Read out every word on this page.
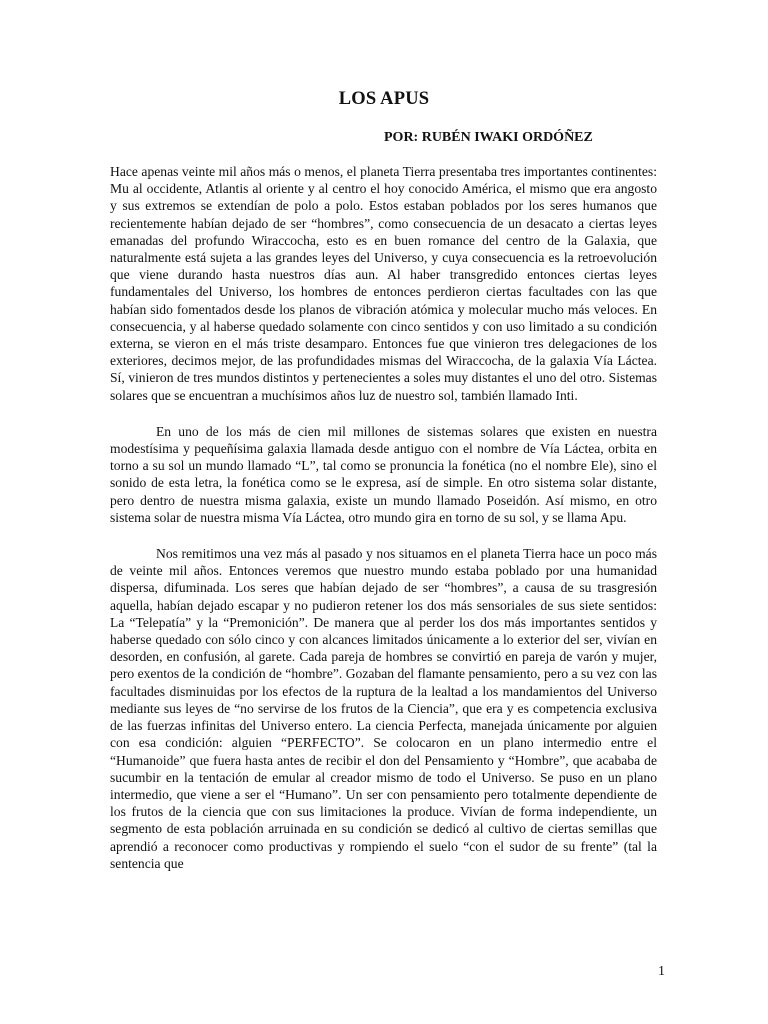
LOS APUS

POR: RUBÉN IWAKI ORDÓÑEZ

Hace apenas veinte mil años más o menos, el planeta Tierra presentaba tres importantes continentes: Mu al occidente, Atlantis al oriente y al centro el hoy conocido América, el mismo que era angosto y sus extremos se extendían de polo a polo. Estos estaban poblados por los seres humanos que recientemente habían dejado de ser “hombres”, como consecuencia de un desacato a ciertas leyes emanadas del profundo Wiraccocha, esto es en buen romance del centro de la Galaxia, que naturalmente está sujeta a las grandes leyes del Universo, y cuya consecuencia es la retroevolución que viene durando hasta nuestros días aun. Al haber transgredido entonces ciertas leyes fundamentales del Universo, los hombres de entonces perdieron ciertas facultades con las que habían sido fomentados desde los planos de vibración atómica y molecular mucho más veloces. En consecuencia, y al haberse quedado solamente con cinco sentidos y con uso limitado a su condición externa, se vieron en el más triste desamparo. Entonces fue que vinieron tres delegaciones de los exteriores, decimos mejor, de las profundidades mismas del Wiraccocha, de la galaxia Vía Láctea. Sí, vinieron de tres mundos distintos y pertenecientes a soles muy distantes el uno del otro. Sistemas solares que se encuentran a muchísimos años luz de nuestro sol, también llamado Inti.

En uno de los más de cien mil millones de sistemas solares que existen en nuestra modestísima y pequeñísima galaxia llamada desde antiguo con el nombre de Vía Láctea, orbita en torno a su sol un mundo llamado “L”, tal como se pronuncia la fonética (no el nombre Ele), sino el sonido de esta letra, la fonética como se le expresa, así de simple. En otro sistema solar distante, pero dentro de nuestra misma galaxia, existe un mundo llamado Poseidón. Así mismo, en otro sistema solar de nuestra misma Vía Láctea, otro mundo gira en torno de su sol, y se llama Apu.

Nos remitimos una vez más al pasado y nos situamos en el planeta Tierra hace un poco más de veinte mil años. Entonces veremos que nuestro mundo estaba poblado por una humanidad dispersa, difuminada. Los seres que habían dejado de ser “hombres”, a causa de su trasgresión aquella, habían dejado escapar y no pudieron retener los dos más sensoriales de sus siete sentidos: La “Telepatía” y la “Premonición”. De manera que al perder los dos más importantes sentidos y haberse quedado con sólo cinco y con alcances limitados únicamente a lo exterior del ser, vivían en desorden, en confusión, al garete. Cada pareja de hombres se convirtió en pareja de varón y mujer, pero exentos de la condición de “hombre”. Gozaban del flamante pensamiento, pero a su vez con las facultades disminuidas por los efectos de la ruptura de la lealtad a los mandamientos del Universo mediante sus leyes de “no servirse de los frutos de la Ciencia”, que era y es competencia exclusiva de las fuerzas infinitas del Universo entero. La ciencia Perfecta, manejada únicamente por alguien con esa condición: alguien “PERFECTO”. Se colocaron en un plano intermedio entre el “Humanoide” que fuera hasta antes de recibir el don del Pensamiento y “Hombre”, que acababa de sucumbir en la tentación de emular al creador mismo de todo el Universo. Se puso en un plano intermedio, que viene a ser el “Humano”. Un ser con pensamiento pero totalmente dependiente de los frutos de la ciencia que con sus limitaciones la produce. Vivían de forma independiente, un segmento de esta población arruinada en su condición se dedicó al cultivo de ciertas semillas que aprendió a reconocer como productivas y rompiendo el suelo “con el sudor de su frente” (tal la sentencia que

1
